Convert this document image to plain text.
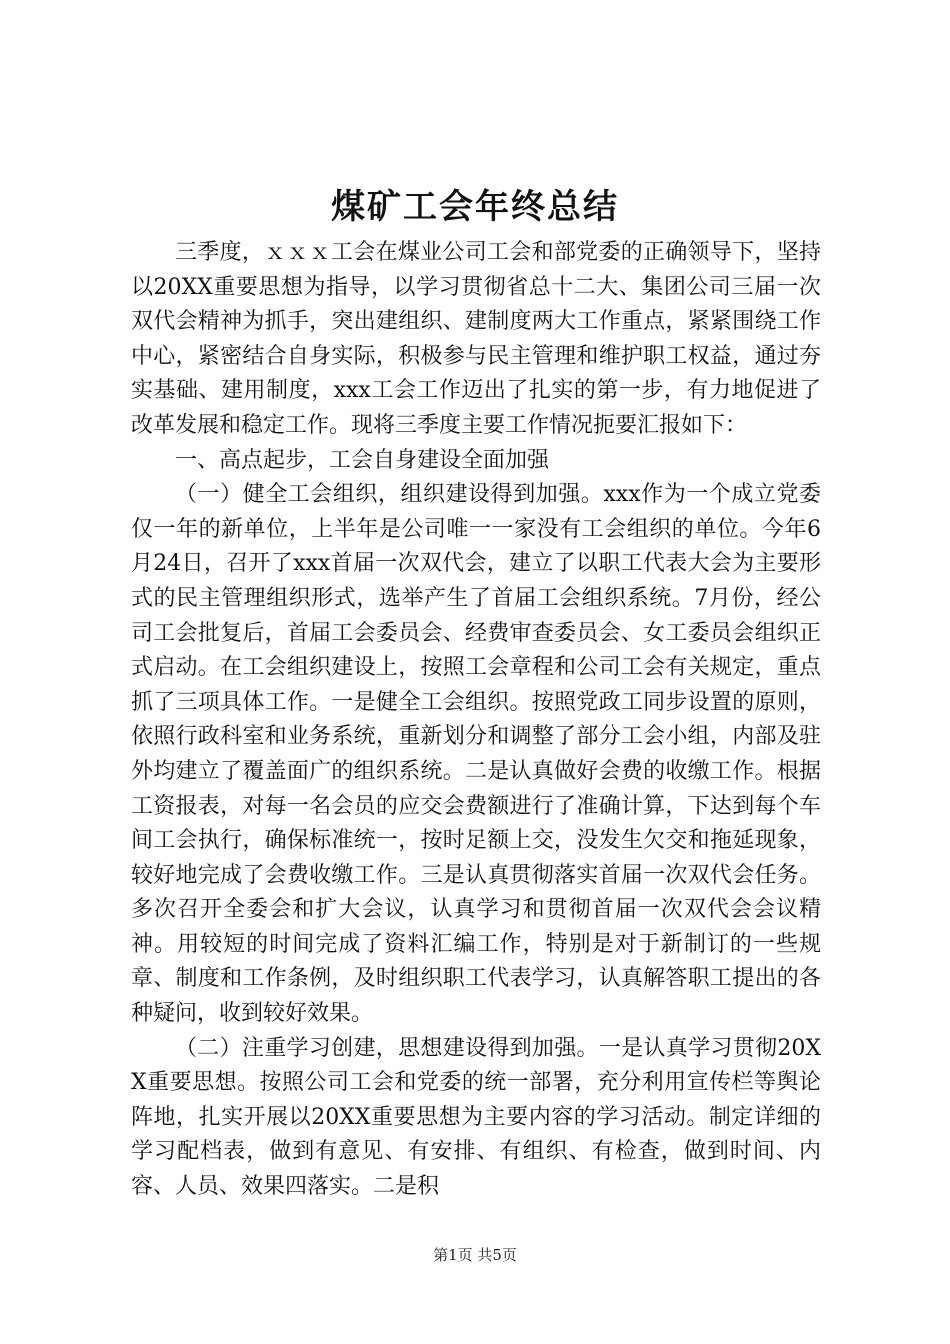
煤矿工会年终总结

三季度，ｘｘｘ工会在煤业公司工会和部党委的正确领导下，坚持以20XX重要思想为指导，以学习贯彻省总十二大、集团公司三届一次双代会精神为抓手，突出建组织、建制度两大工作重点，紧紧围绕工作中心，紧密结合自身实际，积极参与民主管理和维护职工权益，通过夯实基础、建用制度，xxx工会工作迈出了扎实的第一步，有力地促进了改革发展和稳定工作。现将三季度主要工作情况扼要汇报如下：

一、高点起步，工会自身建设全面加强

（一）健全工会组织，组织建设得到加强。xxx作为一个成立党委仅一年的新单位，上半年是公司唯一一家没有工会组织的单位。今年6月24日，召开了xxx首届一次双代会，建立了以职工代表大会为主要形式的民主管理组织形式，选举产生了首届工会组织系统。7月份，经公司工会批复后，首届工会委员会、经费审查委员会、女工委员会组织正式启动。在工会组织建设上，按照工会章程和公司工会有关规定，重点抓了三项具体工作。一是健全工会组织。按照党政工同步设置的原则，依照行政科室和业务系统，重新划分和调整了部分工会小组，内部及驻外均建立了覆盖面广的组织系统。二是认真做好会费的收缴工作。根据工资报表，对每一名会员的应交会费额进行了准确计算，下达到每个车间工会执行，确保标准统一，按时足额上交，没发生欠交和拖延现象，较好地完成了会费收缴工作。三是认真贯彻落实首届一次双代会任务。多次召开全委会和扩大会议，认真学习和贯彻首届一次双代会会议精神。用较短的时间完成了资料汇编工作，特别是对于新制订的一些规章、制度和工作条例，及时组织职工代表学习，认真解答职工提出的各种疑问，收到较好效果。

（二）注重学习创建，思想建设得到加强。一是认真学习贯彻20XX重要思想。按照公司工会和党委的统一部署，充分利用宣传栏等舆论阵地，扎实开展以20XX重要思想为主要内容的学习活动。制定详细的学习配档表，做到有意见、有安排、有组织、有检查，做到时间、内容、人员、效果四落实。二是积

第1页 共5页
